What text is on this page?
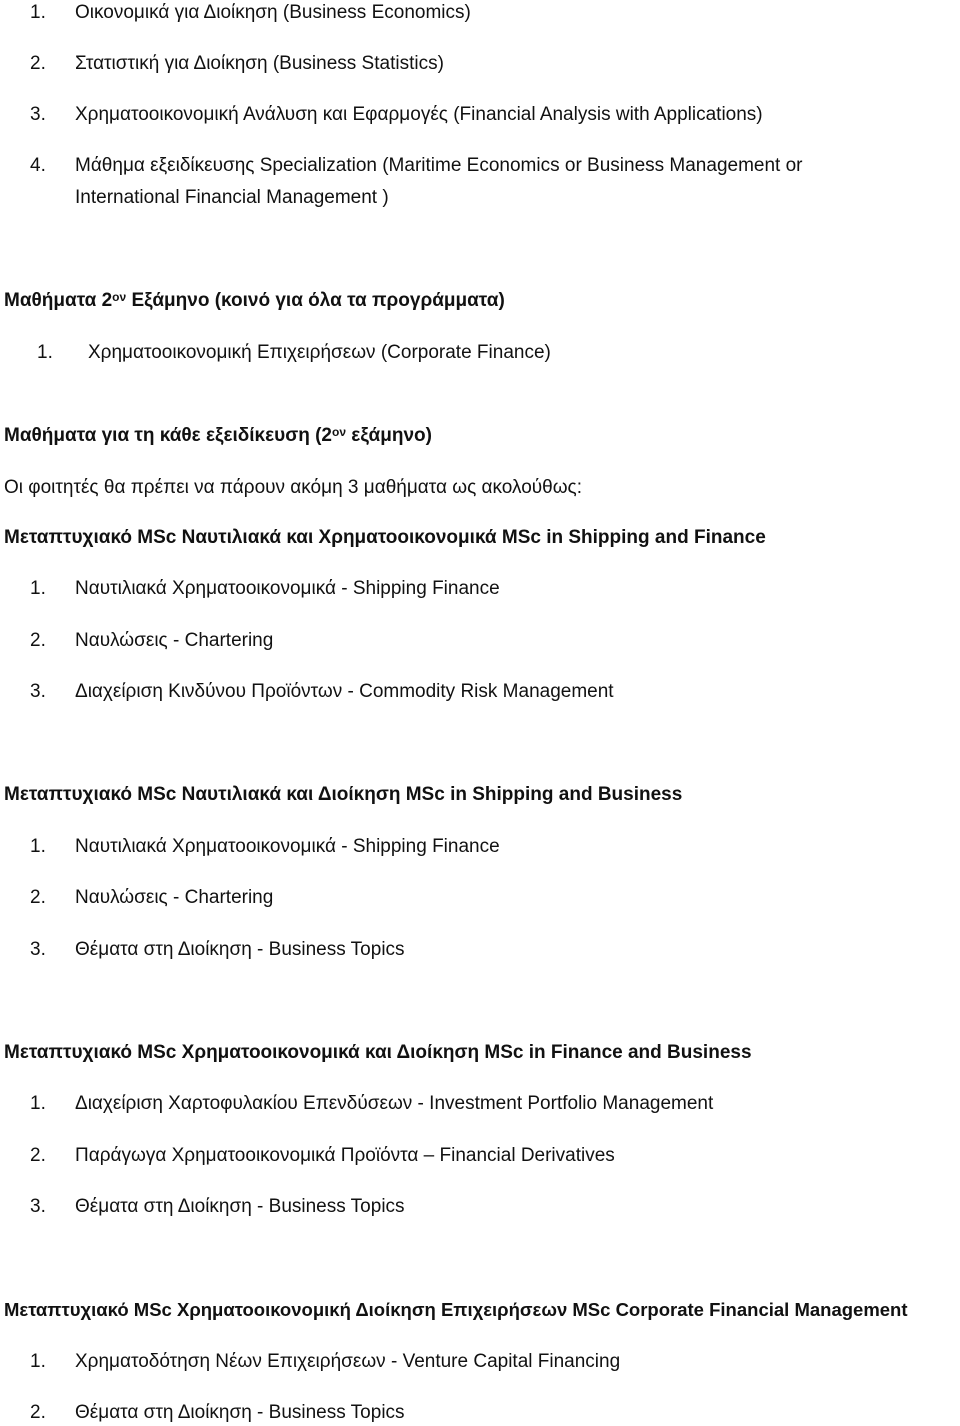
1. Οικονομικά για Διοίκηση (Business Economics)
2. Στατιστική για Διοίκηση (Business Statistics)
3. Χρηματοοικονομική Ανάλυση και Εφαρμογές (Financial Analysis with Applications)
4. Μάθημα εξειδίκευσης Specialization (Maritime Economics or Business Management or
International Financial Management )
Μαθήματα $2^{o\nu}$ Εξάμηνο (κοινό για όλα τα προγράμματα)
1. Χρηματοοικονομική Επιχειρήσεων (Corporate Finance)
Μαθήματα για τη κάθε εξειδίκευση ($2^{o\nu}$ εξάμηνο)
Οι φοιτητές θα πρέπει να πάρουν ακόμη 3 μαθήματα ως ακολούθως:
Μεταπτυχιακό MSc Ναυτιλιακά και Χρηματοοικονομικά MSc in Shipping and Finance
1. Ναυτιλιακά Χρηματοοικονομικά - Shipping Finance
2. Ναυλώσεις - Chartering
3. Διαχείριση Κινδύνου Προϊόντων - Commodity Risk Management
Μεταπτυχιακό MSc Ναυτιλιακά και Διοίκηση MSc in Shipping and Business
1. Ναυτιλιακά Χρηματοοικονομικά - Shipping Finance
2. Ναυλώσεις - Chartering
3. Θέματα στη Διοίκηση - Business Topics
Μεταπτυχιακό MSc Χρηματοοικονομικά και Διοίκηση MSc in Finance and Business
1. Διαχείριση Χαρτοφυλακίου Επενδύσεων - Investment Portfolio Management
2. Παράγωγα Χρηματοοικονομικά Προϊόντα – Financial Derivatives
3. Θέματα στη Διοίκηση - Business Topics
Μεταπτυχιακό MSc Χρηματοοικονομική Διοίκηση Επιχειρήσεων MSc Corporate Financial Management
1. Χρηματοδότηση Νέων Επιχειρήσεων - Venture Capital Financing
2. Θέματα στη Διοίκηση - Business Topics
